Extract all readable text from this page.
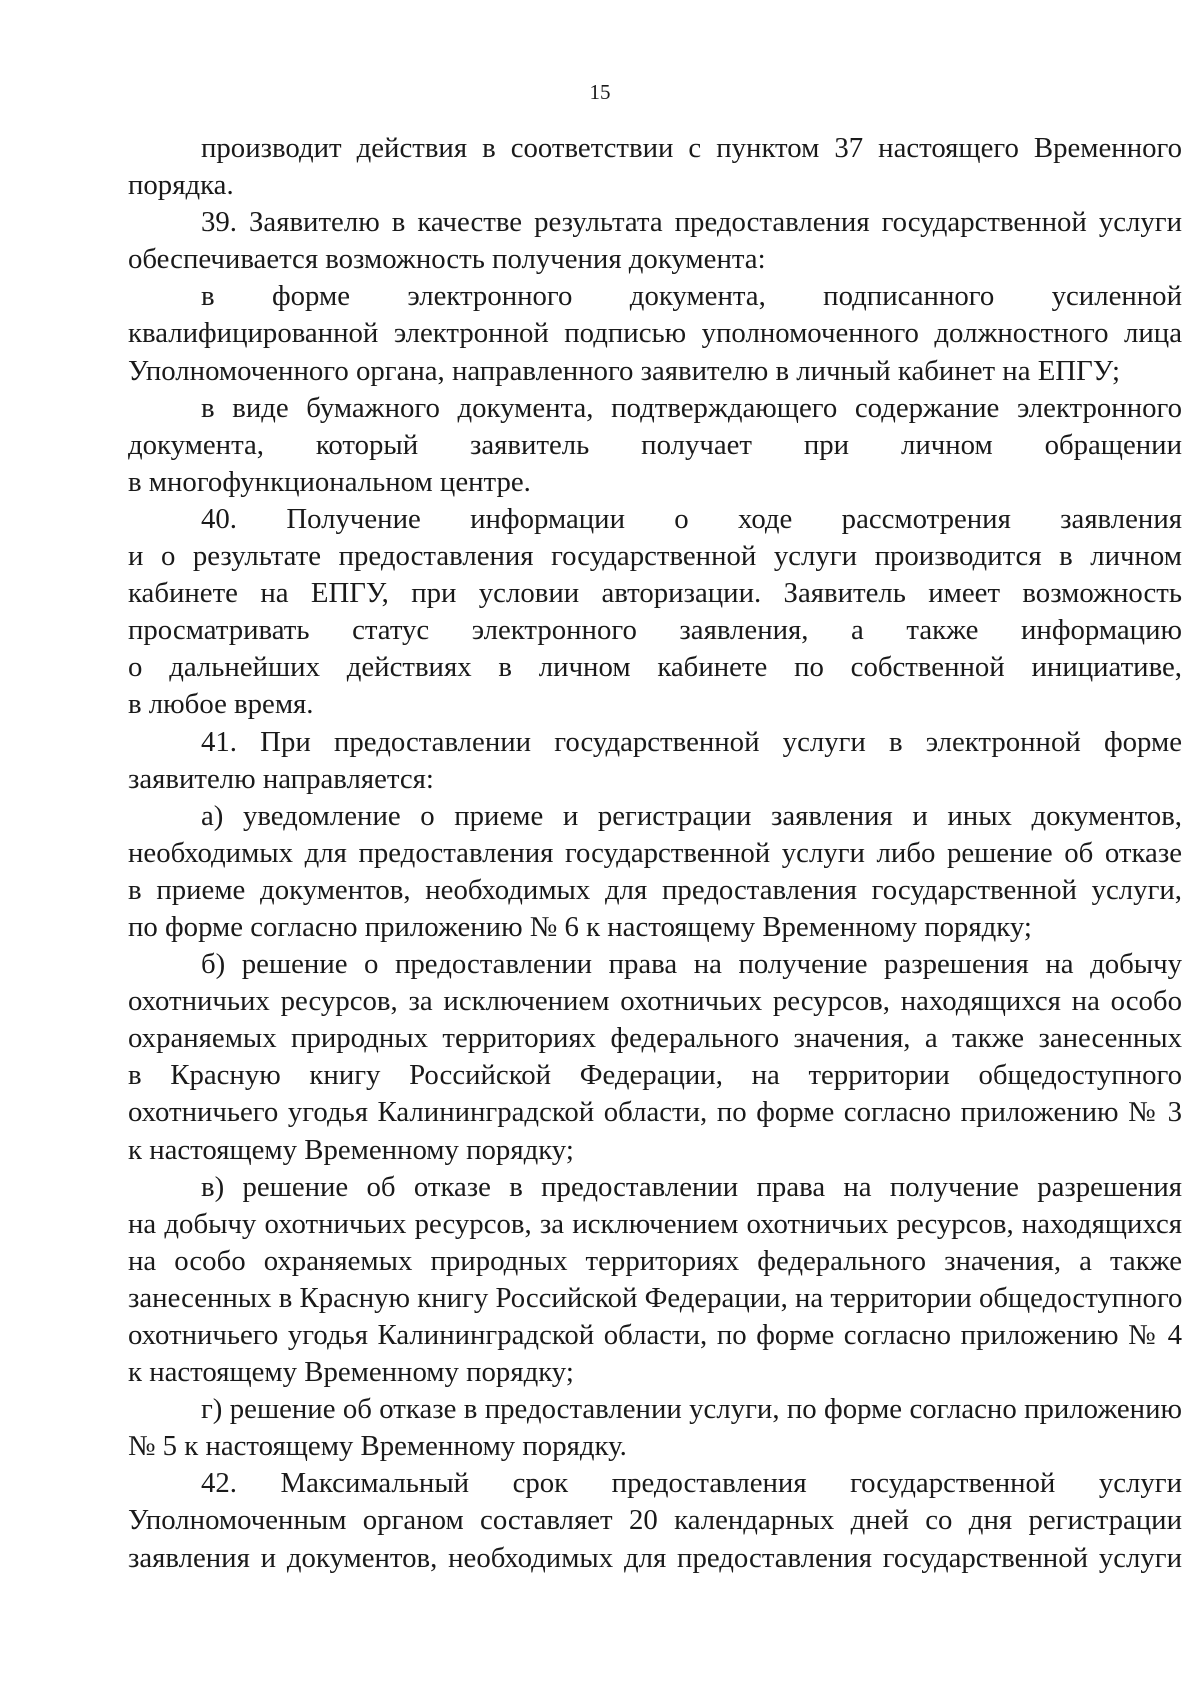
15
производит действия в соответствии с пунктом 37 настоящего Временного
порядка.
39. Заявителю в качестве результата предоставления государственной услуги
обеспечивается возможность получения документа:
в форме электронного документа, подписанного усиленной
квалифицированной электронной подписью уполномоченного должностного лица
Уполномоченного органа, направленного заявителю в личный кабинет на ЕПГУ;
в виде бумажного документа, подтверждающего содержание электронного
документа, который заявитель получает при личном обращении
в многофункциональном центре.
40. Получение информации о ходе рассмотрения заявления
и о результате предоставления государственной услуги производится в личном
кабинете на ЕПГУ, при условии авторизации. Заявитель имеет возможность
просматривать статус электронного заявления, а также информацию
о дальнейших действиях в личном кабинете по собственной инициативе,
в любое время.
41. При предоставлении государственной услуги в электронной форме
заявителю направляется:
а) уведомление о приеме и регистрации заявления и иных документов,
необходимых для предоставления государственной услуги либо решение об отказе
в приеме документов, необходимых для предоставления государственной услуги,
по форме согласно приложению № 6 к настоящему Временному порядку;
б) решение о предоставлении права на получение разрешения на добычу
охотничьих ресурсов, за исключением охотничьих ресурсов, находящихся на особо
охраняемых природных территориях федерального значения, а также занесенных
в Красную книгу Российской Федерации, на территории общедоступного
охотничьего угодья Калининградской области, по форме согласно приложению № 3
к настоящему Временному порядку;
в) решение об отказе в предоставлении права на получение разрешения
на добычу охотничьих ресурсов, за исключением охотничьих ресурсов, находящихся
на особо охраняемых природных территориях федерального значения, а также
занесенных в Красную книгу Российской Федерации, на территории общедоступного
охотничьего угодья Калининградской области, по форме согласно приложению № 4
к настоящему Временному порядку;
г) решение об отказе в предоставлении услуги, по форме согласно приложению
№ 5 к настоящему Временному порядку.
42. Максимальный срок предоставления государственной услуги
Уполномоченным органом составляет 20 календарных дней со дня регистрации
заявления и документов, необходимых для предоставления государственной услуги
